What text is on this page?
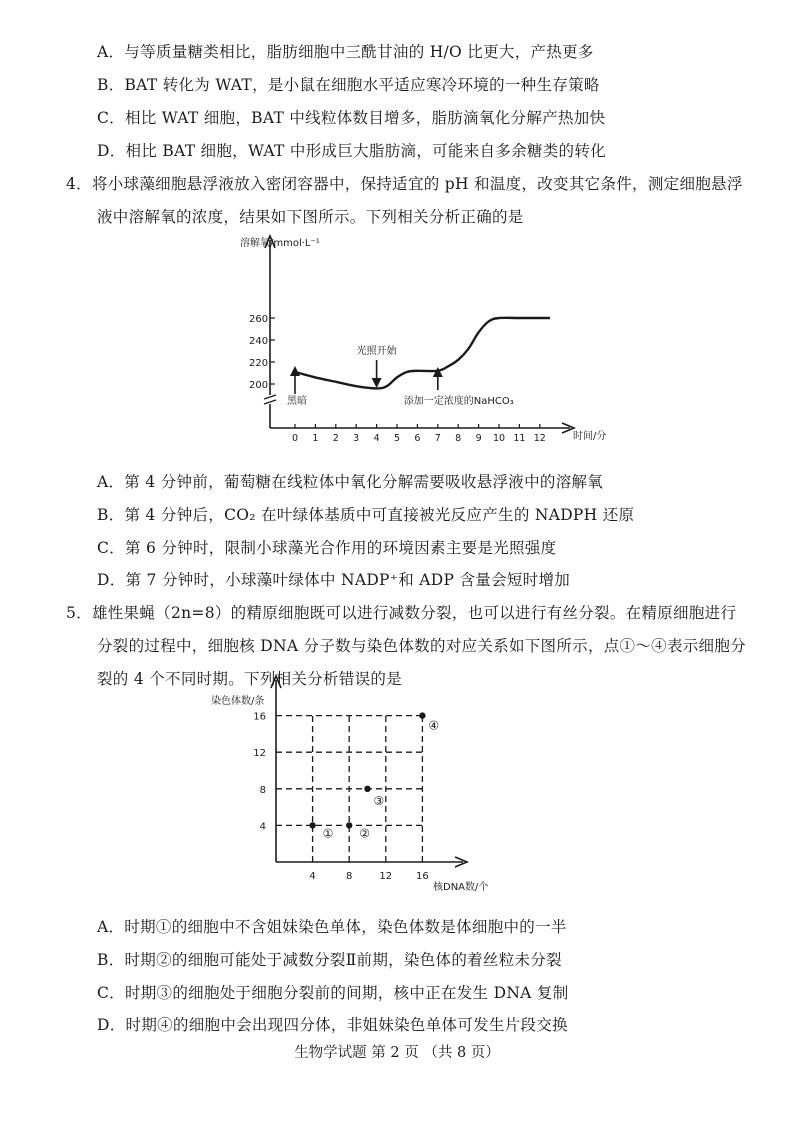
A．与等质量糖类相比，脂肪细胞中三酰甘油的 H/O 比更大，产热更多
B．BAT 转化为 WAT，是小鼠在细胞水平适应寒冷环境的一种生存策略
C．相比 WAT 细胞，BAT 中线粒体数目增多，脂肪滴氧化分解产热加快
D．相比 BAT 细胞，WAT 中形成巨大脂肪滴，可能来自多余糖类的转化
4．将小球藻细胞悬浮液放入密闭容器中，保持适宜的 pH 和温度，改变其它条件，测定细胞悬浮
液中溶解氧的浓度，结果如下图所示。下列相关分析正确的是
溶解氧/mmol·L⁻¹
时间/分
200
220
240
260
0 1 2 3 4 5 6 7 8 9 10 11 12
黑暗
光照开始
添加一定浓度的NaHCO₃
A．第 4 分钟前，葡萄糖在线粒体中氧化分解需要吸收悬浮液中的溶解氧
B．第 4 分钟后，CO₂ 在叶绿体基质中可直接被光反应产生的 NADPH 还原
C．第 6 分钟时，限制小球藻光合作用的环境因素主要是光照强度
D．第 7 分钟时，小球藻叶绿体中 NADP⁺和 ADP 含量会短时增加
5．雄性果蝇（2n=8）的精原细胞既可以进行减数分裂，也可以进行有丝分裂。在精原细胞进行
分裂的过程中，细胞核 DNA 分子数与染色体数的对应关系如下图所示，点①～④表示细胞分
裂的 4 个不同时期。下列相关分析错误的是
染色体数/条
核DNA数/个
4
8
12
16
4	8	12 16
① ②
③
④
A．时期①的细胞中不含姐妹染色单体，染色体数是体细胞中的一半
B．时期②的细胞可能处于减数分裂Ⅱ前期，染色体的着丝粒未分裂
C．时期③的细胞处于细胞分裂前的间期，核中正在发生 DNA 复制
D．时期④的细胞中会出现四分体，非姐妹染色单体可发生片段交换
生物学试题 第 2 页 （共 8 页）
